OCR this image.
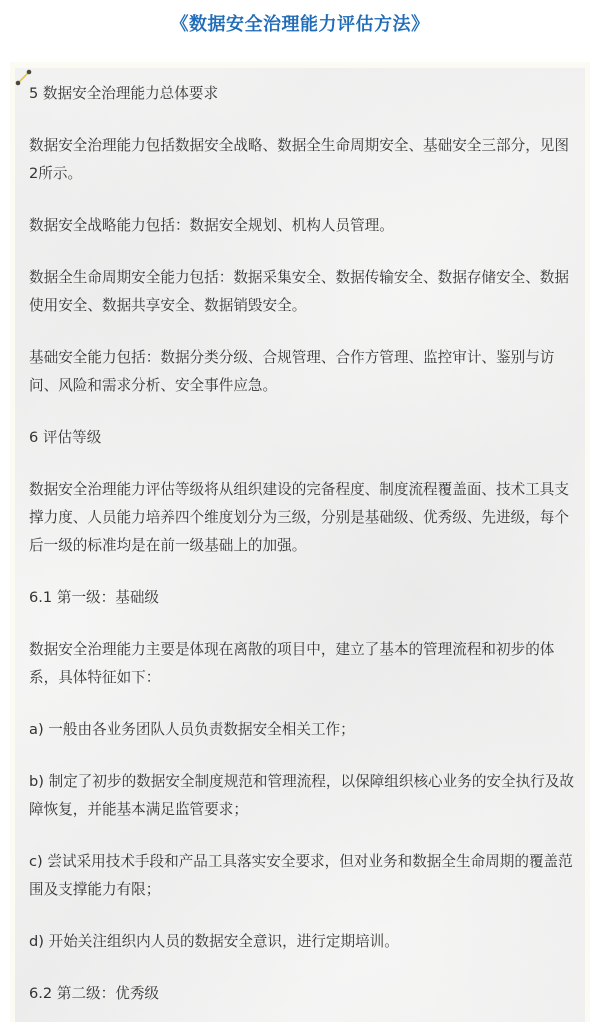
《数据安全治理能力评估方法》

5 数据安全治理能力总体要求

数据安全治理能力包括数据安全战略、数据全生命周期安全、基础安全三部分，见图2所示。

数据安全战略能力包括：数据安全规划、机构人员管理。

数据全生命周期安全能力包括：数据采集安全、数据传输安全、数据存储安全、数据使用安全、数据共享安全、数据销毁安全。

基础安全能力包括：数据分类分级、合规管理、合作方管理、监控审计、鉴别与访问、风险和需求分析、安全事件应急。

6 评估等级

数据安全治理能力评估等级将从组织建设的完备程度、制度流程覆盖面、技术工具支撑力度、人员能力培养四个维度划分为三级，分别是基础级、优秀级、先进级，每个后一级的标准均是在前一级基础上的加强。

6.1 第一级：基础级

数据安全治理能力主要是体现在离散的项目中，建立了基本的管理流程和初步的体系，具体特征如下：

a) 一般由各业务团队人员负责数据安全相关工作；

b) 制定了初步的数据安全制度规范和管理流程，以保障组织核心业务的安全执行及故障恢复，并能基本满足监管要求；

c) 尝试采用技术手段和产品工具落实安全要求，但对业务和数据全生命周期的覆盖范围及支撑能力有限；

d) 开始关注组织内人员的数据安全意识，进行定期培训。

6.2 第二级：优秀级
